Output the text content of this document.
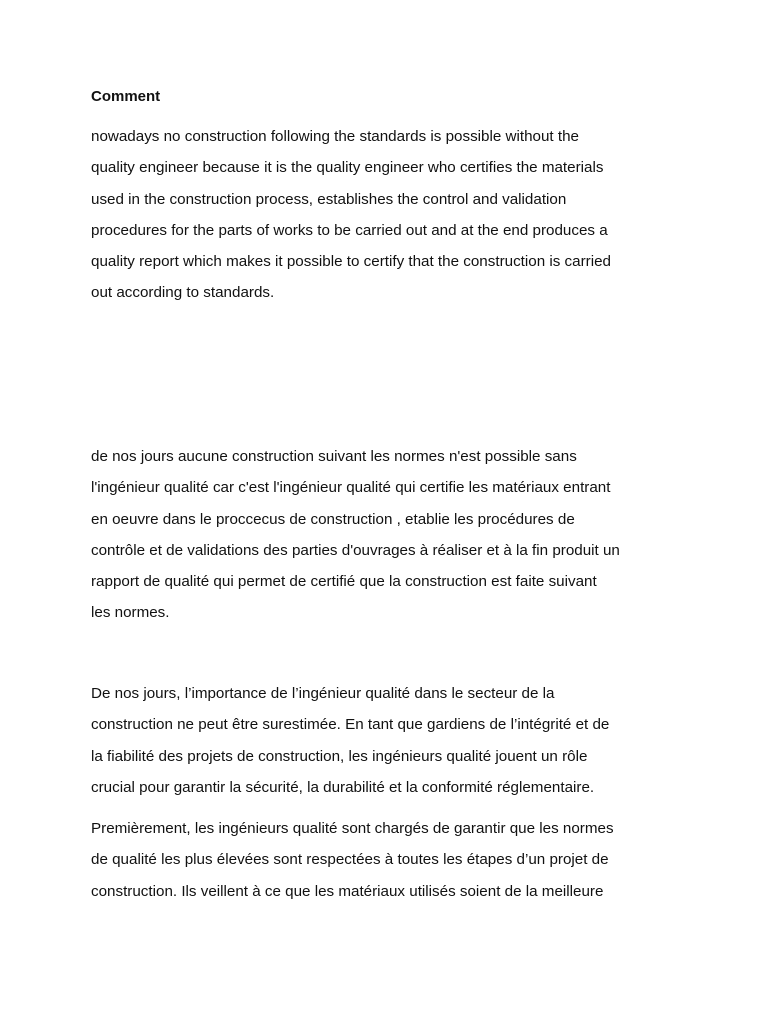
Comment

nowadays no construction following the standards is possible without the
quality engineer because it is the quality engineer who certifies the materials
used in the construction process, establishes the control and validation
procedures for the parts of works to be carried out and at the end produces a
quality report which makes it possible to certify that the construction is carried
out according to standards.

de nos jours aucune construction suivant les normes n'est possible sans
l'ingénieur qualité car c'est l'ingénieur qualité qui certifie les matériaux entrant
en oeuvre dans le proccecus de construction , etablie les procédures de
contrôle et de validations des parties d'ouvrages à réaliser et à la fin produit un
rapport de qualité qui permet de certifié que la construction est faite suivant
les normes.

De nos jours, l’importance de l’ingénieur qualité dans le secteur de la
construction ne peut être surestimée. En tant que gardiens de l’intégrité et de
la fiabilité des projets de construction, les ingénieurs qualité jouent un rôle
crucial pour garantir la sécurité, la durabilité et la conformité réglementaire.

Premièrement, les ingénieurs qualité sont chargés de garantir que les normes
de qualité les plus élevées sont respectées à toutes les étapes d’un projet de
construction. Ils veillent à ce que les matériaux utilisés soient de la meilleure
